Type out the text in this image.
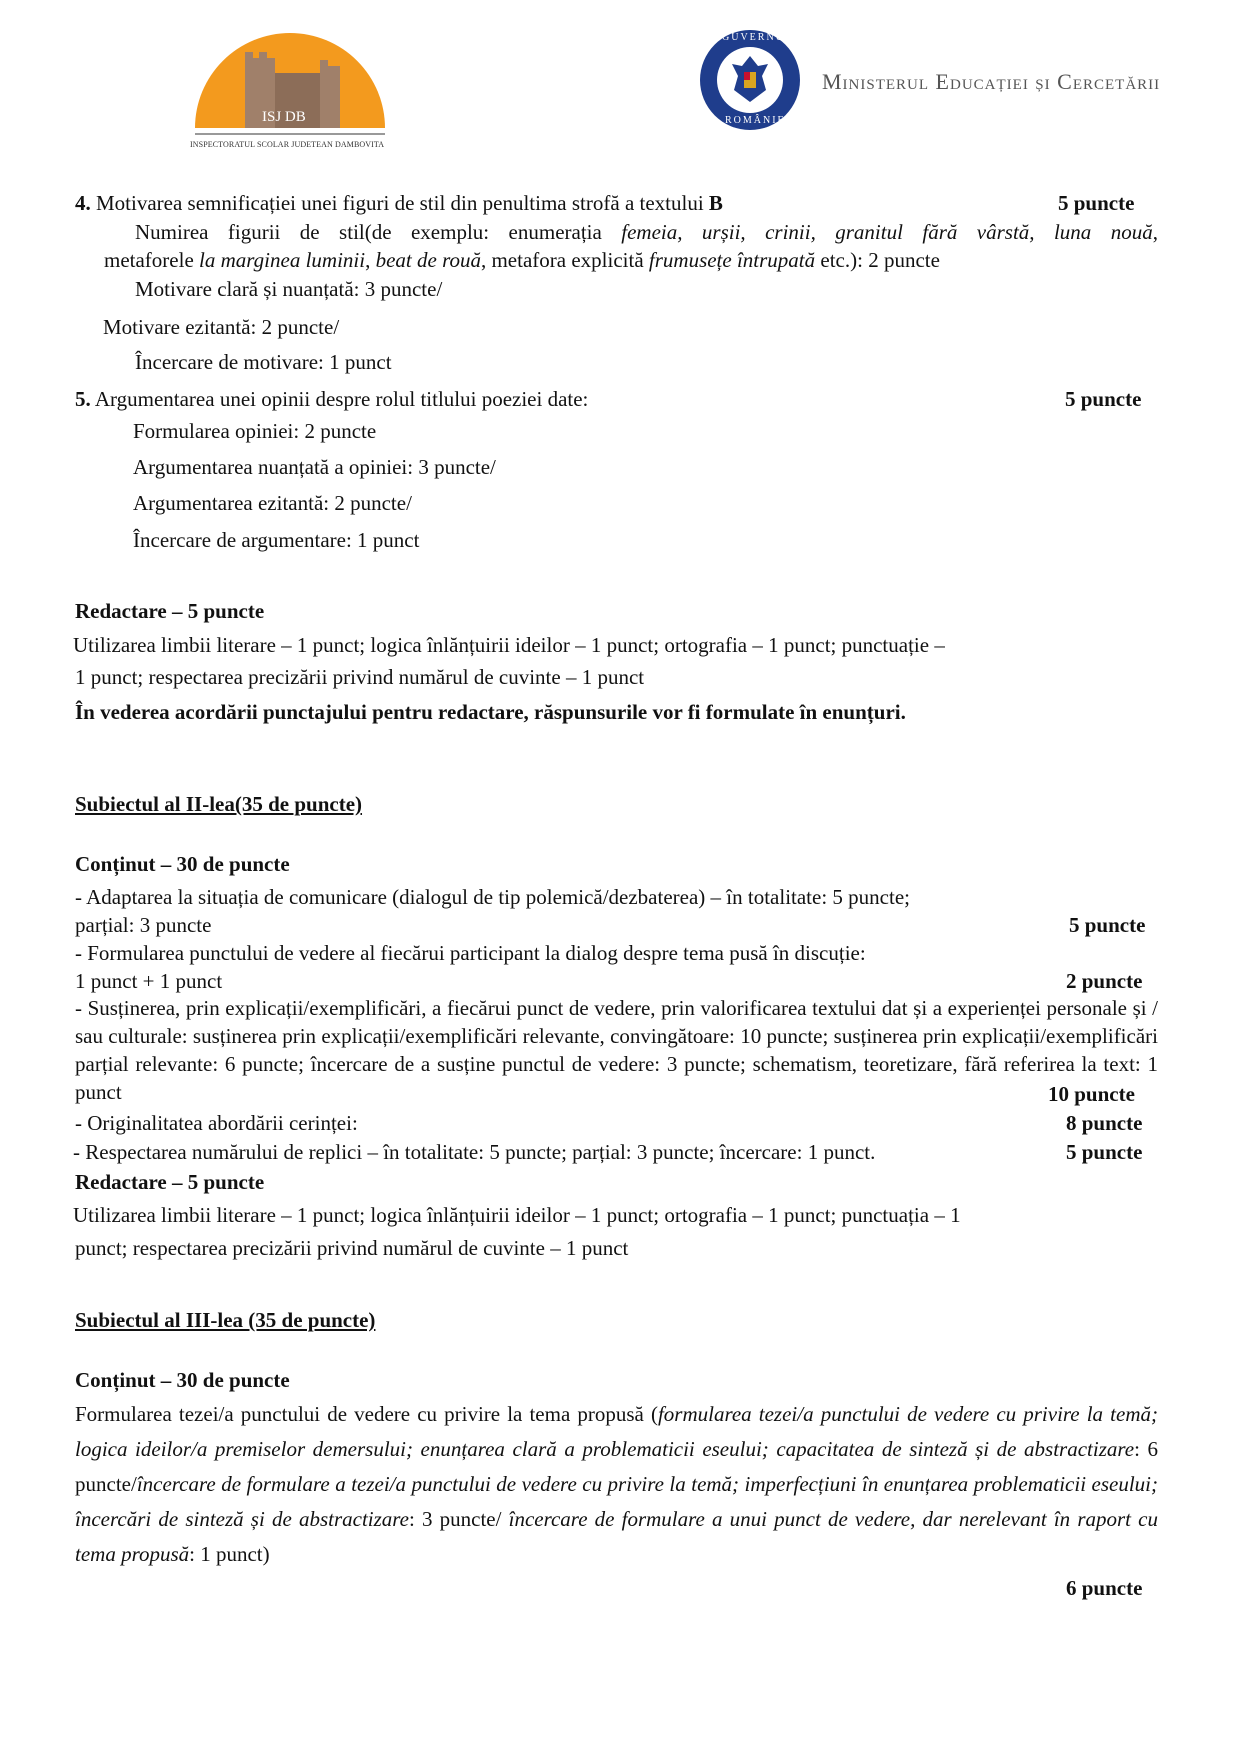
ISJ DB
INSPECTORATUL SCOLAR JUDETEAN DAMBOVITA
GUVERNUL
ROMÂNIEI
Ministerul Educației și Cercetării
4. Motivarea semnificației unei figuri de stil din penultima strofă a textului B	5 puncte
Numirea figurii de stil(de exemplu: enumerația femeia, urșii, crinii, granitul fără vârstă, luna nouă,
metaforele la marginea luminii, beat de rouă, metafora explicită frumusețe întrupată etc.): 2 puncte
Motivare clară și nuanțată: 3 puncte/
Motivare ezitantă: 2 puncte/
Încercare de motivare: 1 punct
5. Argumentarea unei opinii despre rolul titlului poeziei date:	5 puncte
Formularea opiniei: 2 puncte
Argumentarea nuanțată a opiniei: 3 puncte/
Argumentarea ezitantă: 2 puncte/
Încercare de argumentare: 1 punct
Redactare – 5 puncte
Utilizarea limbii literare – 1 punct; logica înlănțuirii ideilor – 1 punct; ortografia – 1 punct; punctuație –
1 punct; respectarea precizării privind numărul de cuvinte – 1 punct
În vederea acordării punctajului pentru redactare, răspunsurile vor fi formulate în enunțuri.
Subiectul al II-lea(35 de puncte)
Conținut – 30 de puncte
- Adaptarea la situația de comunicare (dialogul de tip polemică/dezbaterea) – în totalitate: 5 puncte;
parțial: 3 puncte	5 puncte
- Formularea punctului de vedere al fiecărui participant la dialog despre tema pusă în discuție:
1 punct + 1 punct	2 puncte
- Susținerea, prin explicații/exemplificări, a fiecărui punct de vedere, prin valorificarea textului dat și a experienței personale și / sau culturale: susținerea prin explicații/exemplificări relevante, convingătoare: 10 puncte; susținerea prin explicații/exemplificări parțial relevante: 6 puncte; încercare de a susține punctul de vedere: 3 puncte; schematism, teoretizare, fără referirea la text: 1 punct	10 puncte
- Originalitatea abordării cerinței:	8 puncte
- Respectarea numărului de replici – în totalitate: 5 puncte; parțial: 3 puncte; încercare: 1 punct.	5 puncte
Redactare – 5 puncte
Utilizarea limbii literare – 1 punct; logica înlănțuirii ideilor – 1 punct; ortografia – 1 punct; punctuația – 1
punct; respectarea precizării privind numărul de cuvinte – 1 punct
Subiectul al III-lea (35 de puncte)
Conținut – 30 de puncte
Formularea tezei/a punctului de vedere cu privire la tema propusă (formularea tezei/a punctului de vedere cu privire la temă; logica ideilor/a premiselor demersului; enunțarea clară a problematicii eseului; capacitatea de sinteză și de abstractizare: 6 puncte/încercare de formulare a tezei/a punctului de vedere cu privire la temă; imperfecțiuni în enunțarea problematicii eseului; încercări de sinteză și de abstractizare: 3 puncte/ încercare de formulare a unui punct de vedere, dar nerelevant în raport cu tema propusă: 1 punct)
6 puncte
